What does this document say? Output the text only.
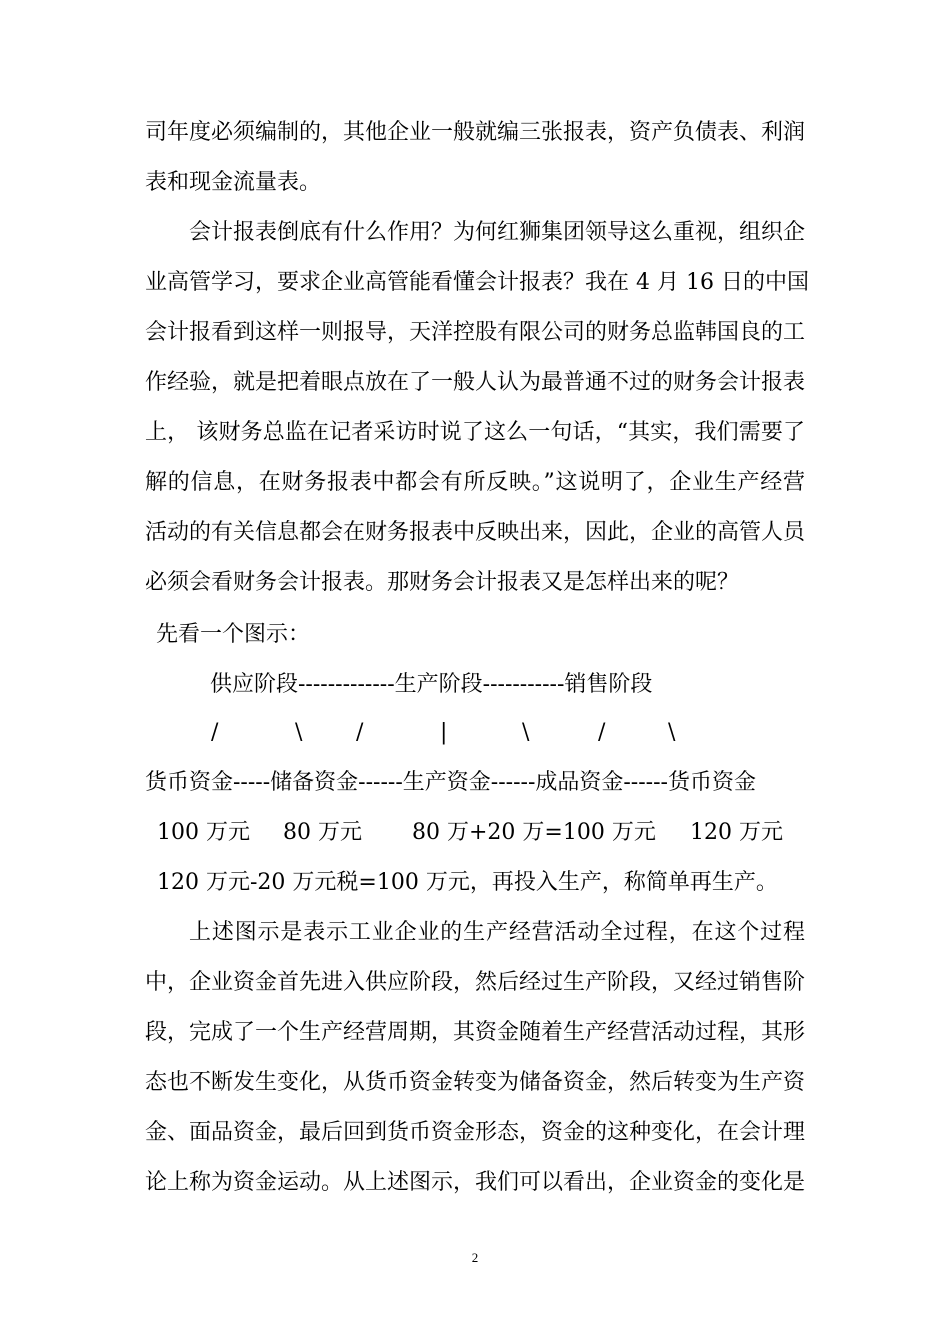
司年度必须编制的，其他企业一般就编三张报表，资产负债表、利润
表和现金流量表。
会计报表倒底有什么作用？为何红狮集团领导这么重视，组织企
业高管学习，要求企业高管能看懂会计报表？我在 4 月 16 日的中国
会计报看到这样一则报导，天洋控股有限公司的财务总监韩国良的工
作经验，就是把着眼点放在了一般人认为最普通不过的财务会计报表
上， 该财务总监在记者采访时说了这么一句话，“其实，我们需要了
解的信息，在财务报表中都会有所反映。”这说明了，企业生产经营
活动的有关信息都会在财务报表中反映出来，因此，企业的高管人员
必须会看财务会计报表。那财务会计报表又是怎样出来的呢？
先看一个图示：
供应阶段-------------生产阶段-----------销售阶段
/	\ /	|	\	/	\
货币资金-----储备资金------生产资金------成品资金------货币资金
100 万元 80 万元 80 万+20 万=100 万元 120 万元
120 万元-20 万元税=100 万元，再投入生产，称简单再生产。
上述图示是表示工业企业的生产经营活动全过程，在这个过程
中，企业资金首先进入供应阶段，然后经过生产阶段，又经过销售阶
段，完成了一个生产经营周期，其资金随着生产经营活动过程，其形
态也不断发生变化，从货币资金转变为储备资金，然后转变为生产资
金、面品资金，最后回到货币资金形态，资金的这种变化，在会计理
论上称为资金运动。从上述图示，我们可以看出，企业资金的变化是
2
